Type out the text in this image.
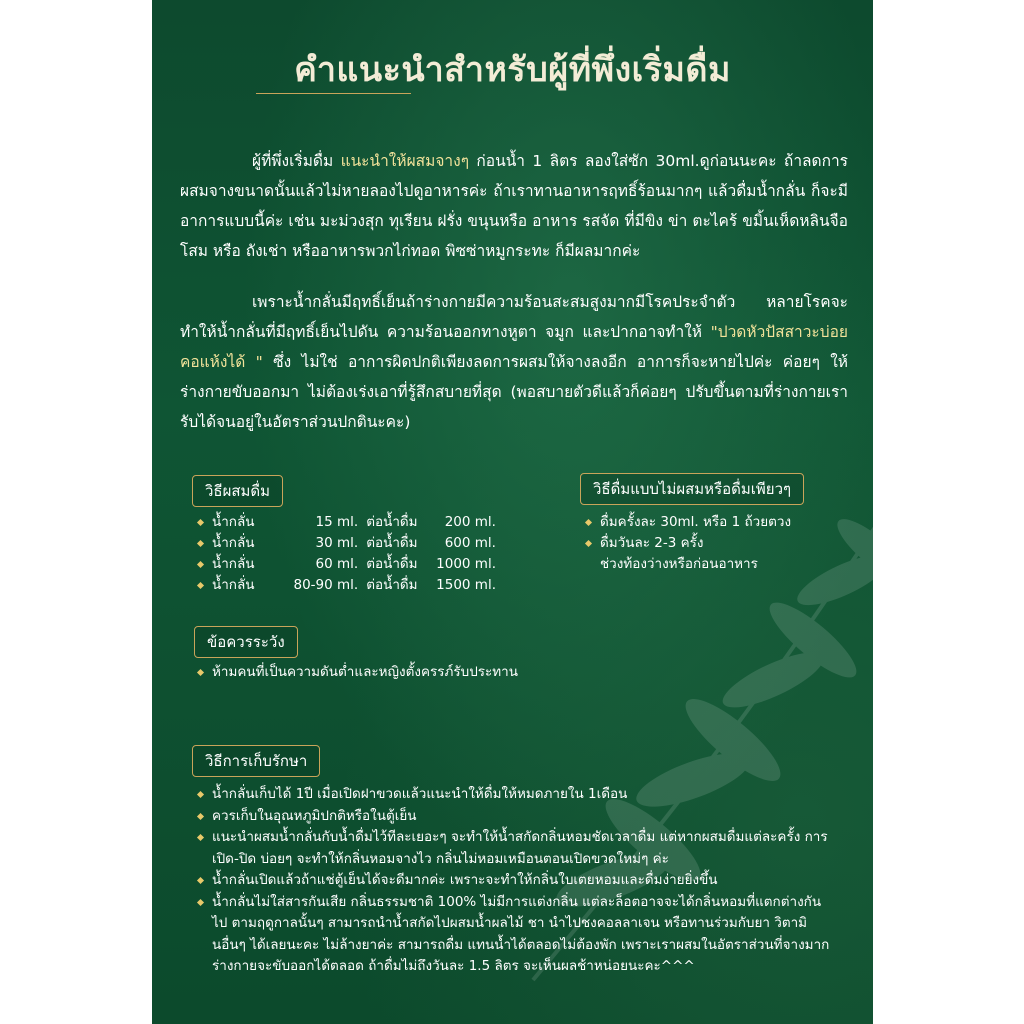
คำแนะนำสำหรับผู้ที่พึ่งเริ่มดื่ม
ผู้ที่พึ่งเริ่มดื่ม แนะนำให้ผสมจางๆ ก่อนน้ำ 1 ลิตร ลองใส่ซัก 30ml.ดูก่อนนะคะ ถ้าลดการผสมจางขนาดนั้นแล้วไม่หายลองไปดูอาหารค่ะ ถ้าเราทานอาหารฤทธิ์ร้อนมากๆ แล้วดื่มน้ำกลั่น ก็จะมีอาการแบบนี้ค่ะ เช่น มะม่วงสุก ทุเรียน ฝรั่ง ขนุนหรือ อาหาร รสจัด ที่มีขิง ข่า ตะไคร้ ขมิ้นเห็ดหลินจือ โสม หรือ ถังเช่า หรืออาหารพวกไก่ทอด พิซซ่าหมูกระทะ ก็มีผลมากค่ะ
เพราะน้ำกลั่นมีฤทธิ์เย็นถ้าร่างกายมีความร้อนสะสมสูงมากมีโรคประจำตัว หลายโรคจะทำให้น้ำกลั่นที่มีฤทธิ์เย็นไปดัน ความร้อนออกทางหูตา จมูก และปากอาจทำให้ "ปวดหัวปัสสาวะบ่อยคอแห้งได้ " ซึ่ง ไม่ใช่ อาการผิดปกติเพียงลดการผสมให้จางลงอีก อาการก็จะหายไปค่ะ ค่อยๆ ให้ร่างกายขับออกมา ไม่ต้องเร่งเอาที่รู้สึกสบายที่สุด (พอสบายตัวดีแล้วก็ค่อยๆ ปรับขึ้นตามที่ร่างกายเรารับได้จนอยู่ในอัตราส่วนปกตินะคะ)
วิธีผสมดื่ม
น้ำกลั่น	15 ml. ต่อน้ำดื่ม	200 ml.
น้ำกลั่น	30 ml. ต่อน้ำดื่ม	600 ml.
น้ำกลั่น	60 ml. ต่อน้ำดื่ม	1000 ml.
น้ำกลั่น	80-90 ml. ต่อน้ำดื่ม	1500 ml.
วิธีดื่มแบบไม่ผสมหรือดื่มเพียวๆ
ดื่มครั้งละ 30ml. หรือ 1 ถ้วยตวง
ดื่มวันละ 2-3 ครั้ง
ช่วงท้องว่างหรือก่อนอาหาร
ข้อควรระวัง
ห้ามคนที่เป็นความดันต่ำและหญิงตั้งครรภ์รับประทาน
วิธีการเก็บรักษา
น้ำกลั่นเก็บได้ 1ปี เมื่อเปิดฝาขวดแล้วแนะนำให้ดื่มให้หมดภายใน 1เดือน
ควรเก็บในอุณหภูมิปกติหรือในตู้เย็น
แนะนำผสมน้ำกลั่นกับน้ำดื่มไว้ทีละเยอะๆ จะทำให้น้ำสกัดกลิ่นหอมชัดเวลาดื่ม แต่หากผสมดื่มแต่ละครั้ง การเปิด-ปิด บ่อยๆ จะทำให้กลิ่นหอมจางไว กลิ่นไม่หอมเหมือนตอนเปิดขวดใหม่ๆ ค่ะ
น้ำกลั่นเปิดแล้วถ้าแช่ตู้เย็นได้จะดีมากค่ะ เพราะจะทำให้กลิ่นใบเตยหอมและดื่มง่ายยิ่งขึ้น
น้ำกลั่นไม่ใส่สารกันเสีย กลิ่นธรรมชาติ 100% ไม่มีการแต่งกลิ่น แต่ละล็อตอาจจะได้กลิ่นหอมที่แตกต่างกันไป ตามฤดูกาลนั้นๆ สามารถนำน้ำสกัดไปผสมน้ำผลไม้ ชา นำไปชงคอลลาเจน หรือทานร่วมกับยา วิตามินอื่นๆ ได้เลยนะคะ ไม่ล้างยาค่ะ สามารถดื่ม แทนน้ำได้ตลอดไม่ต้องพัก เพราะเราผสมในอัตราส่วนที่จางมากร่างกายจะขับออกได้ตลอด ถ้าดื่มไม่ถึงวันละ 1.5 ลิตร จะเห็นผลช้าหน่อยนะคะ^^^
